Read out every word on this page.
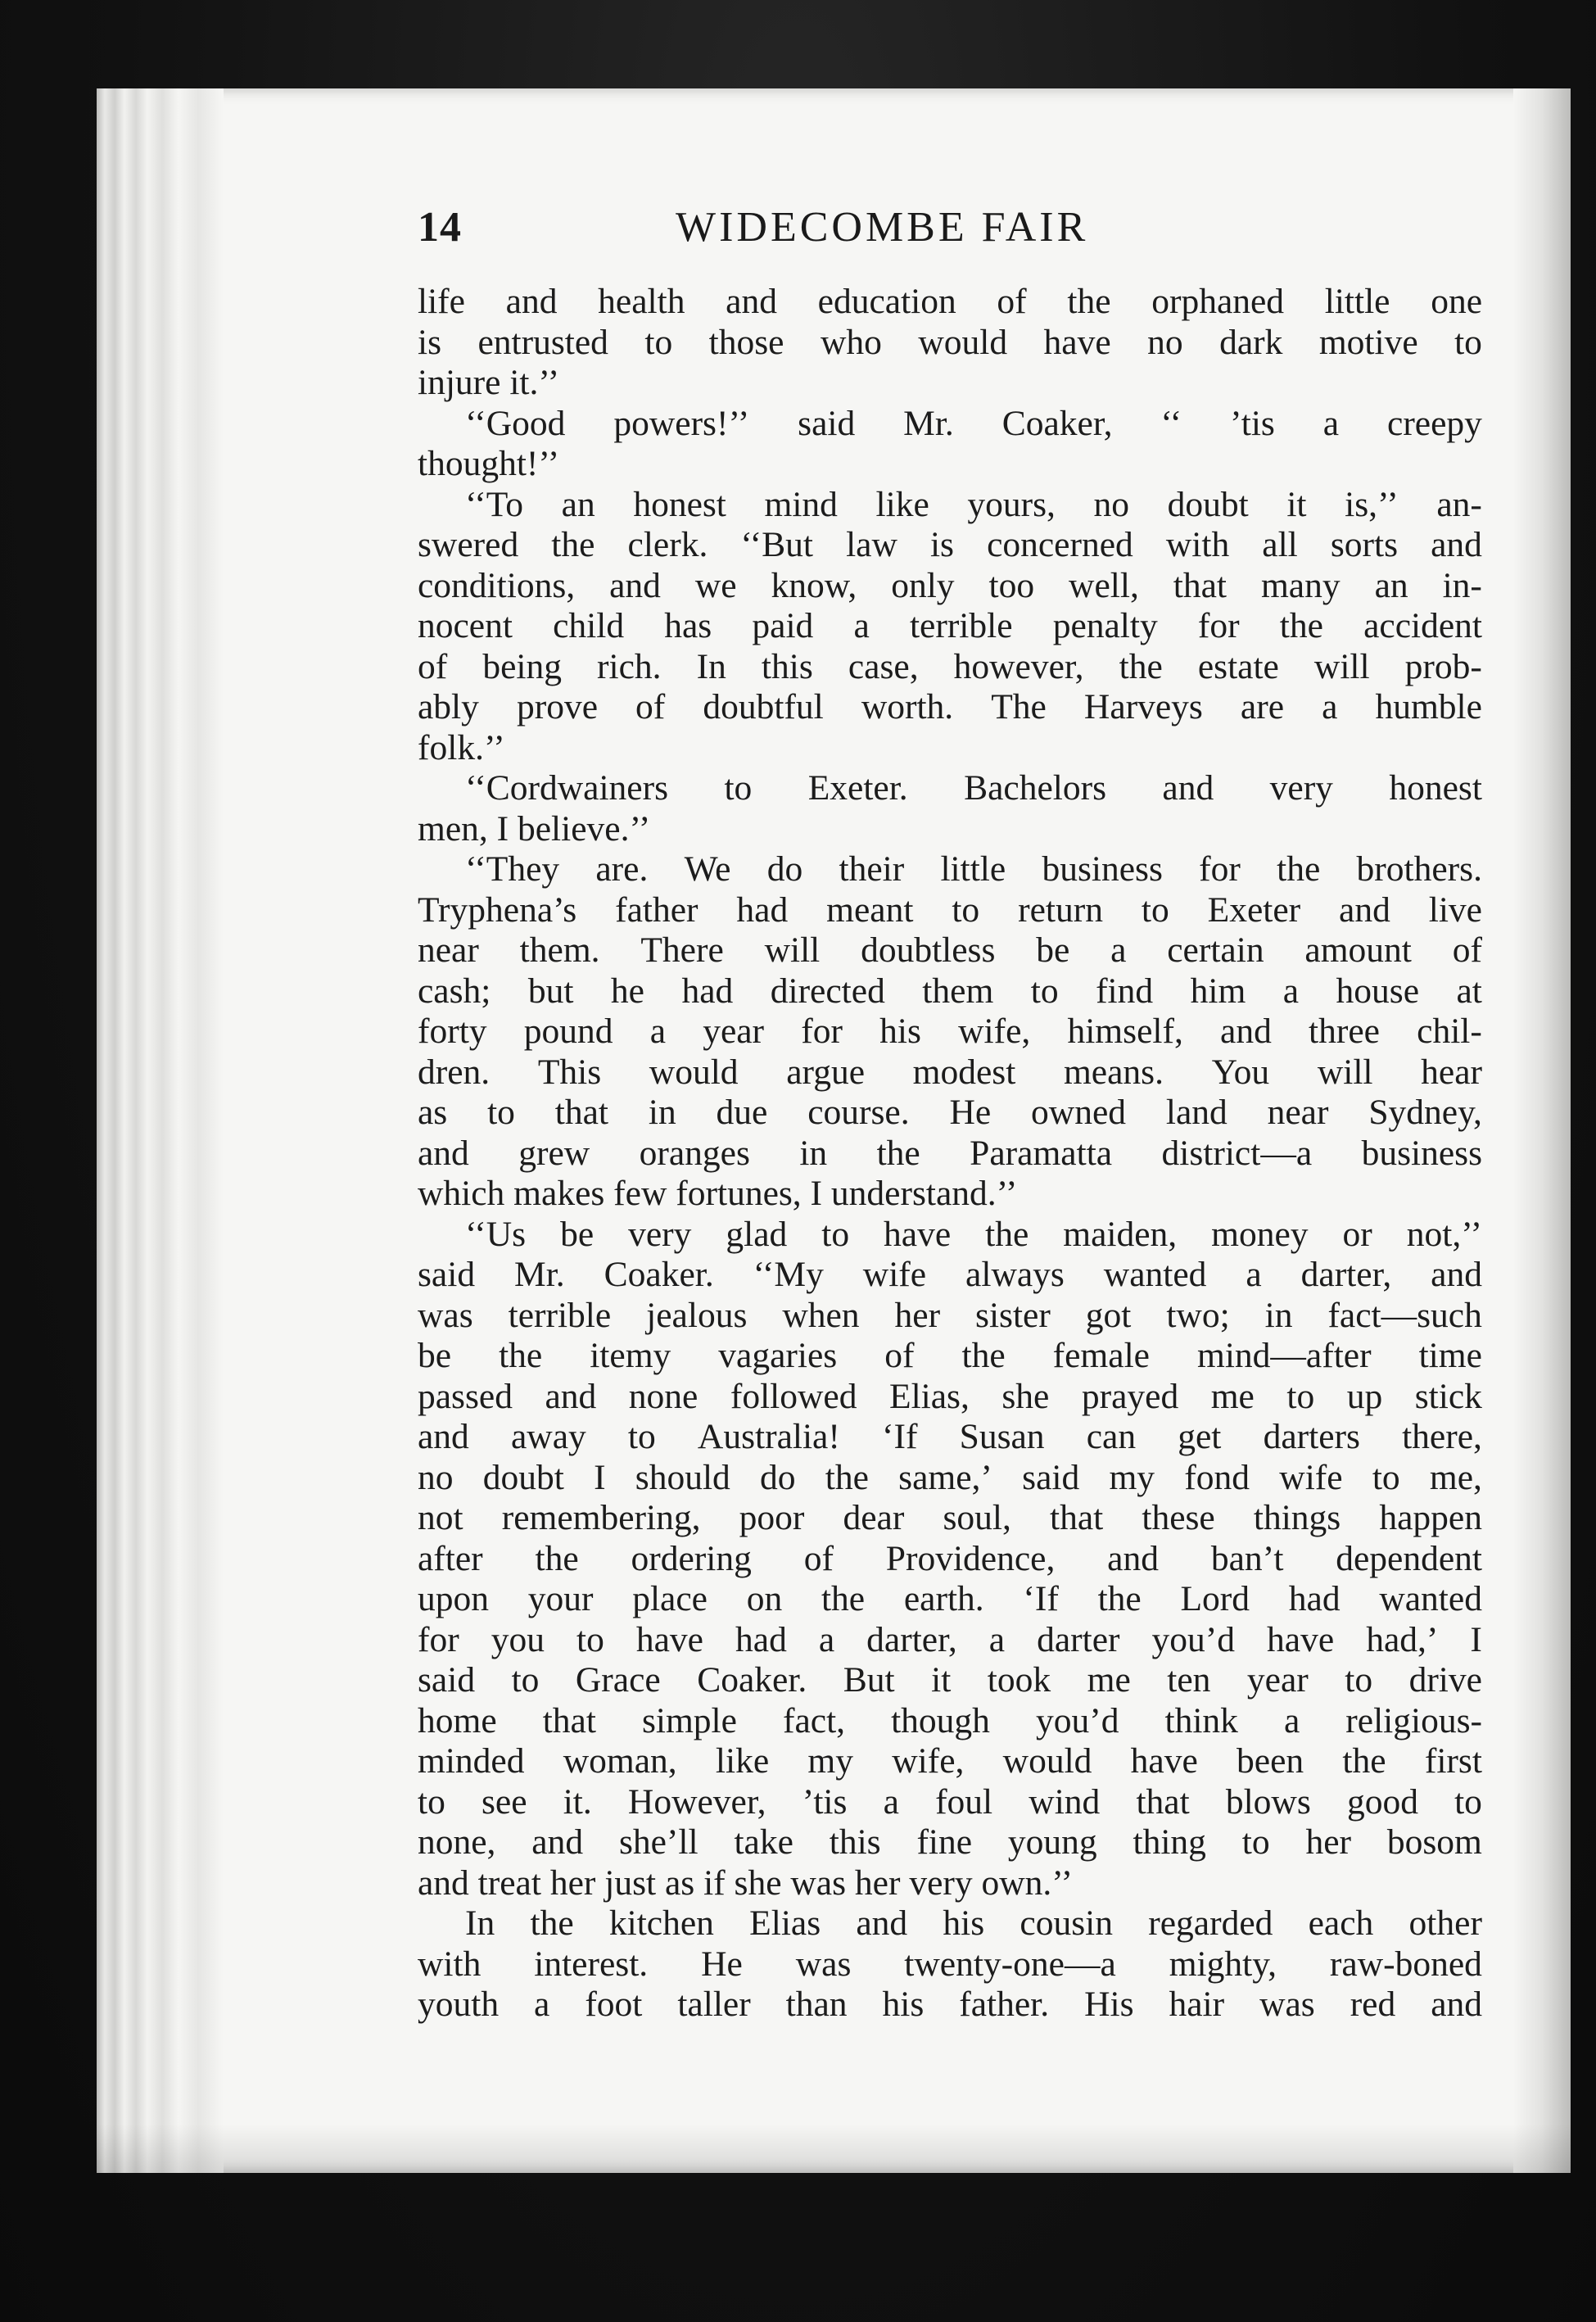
14	WIDECOMBE FAIR
life and health and education of the orphaned little one
is entrusted to those who would have no dark motive to
injure it.’’
‘‘Good powers!’’ said Mr. Coaker, ‘‘ ’tis a creepy
thought!’’
‘‘To an honest mind like yours, no doubt it is,’’ an-
swered the clerk. ‘‘But law is concerned with all sorts and
conditions, and we know, only too well, that many an in-
nocent child has paid a terrible penalty for the accident
of being rich. In this case, however, the estate will prob-
ably prove of doubtful worth. The Harveys are a humble
folk.’’
‘‘Cordwainers to Exeter. Bachelors and very honest
men, I believe.’’
‘‘They are. We do their little business for the brothers.
Tryphena’s father had meant to return to Exeter and live
near them. There will doubtless be a certain amount of
cash; but he had directed them to find him a house at
forty pound a year for his wife, himself, and three chil-
dren. This would argue modest means. You will hear
as to that in due course. He owned land near Sydney,
and grew oranges in the Paramatta district—a business
which makes few fortunes, I understand.’’
‘‘Us be very glad to have the maiden, money or not,’’
said Mr. Coaker. ‘‘My wife always wanted a darter, and
was terrible jealous when her sister got two; in fact—such
be the itemy vagaries of the female mind—after time
passed and none followed Elias, she prayed me to up stick
and away to Australia! ‘If Susan can get darters there,
no doubt I should do the same,’ said my fond wife to me,
not remembering, poor dear soul, that these things happen
after the ordering of Providence, and ban’t dependent
upon your place on the earth. ‘If the Lord had wanted
for you to have had a darter, a darter you’d have had,’ I
said to Grace Coaker. But it took me ten year to drive
home that simple fact, though you’d think a religious-
minded woman, like my wife, would have been the first
to see it. However, ’tis a foul wind that blows good to
none, and she’ll take this fine young thing to her bosom
and treat her just as if she was her very own.’’
In the kitchen Elias and his cousin regarded each other
with interest. He was twenty-one—a mighty, raw-boned
youth a foot taller than his father. His hair was red and
